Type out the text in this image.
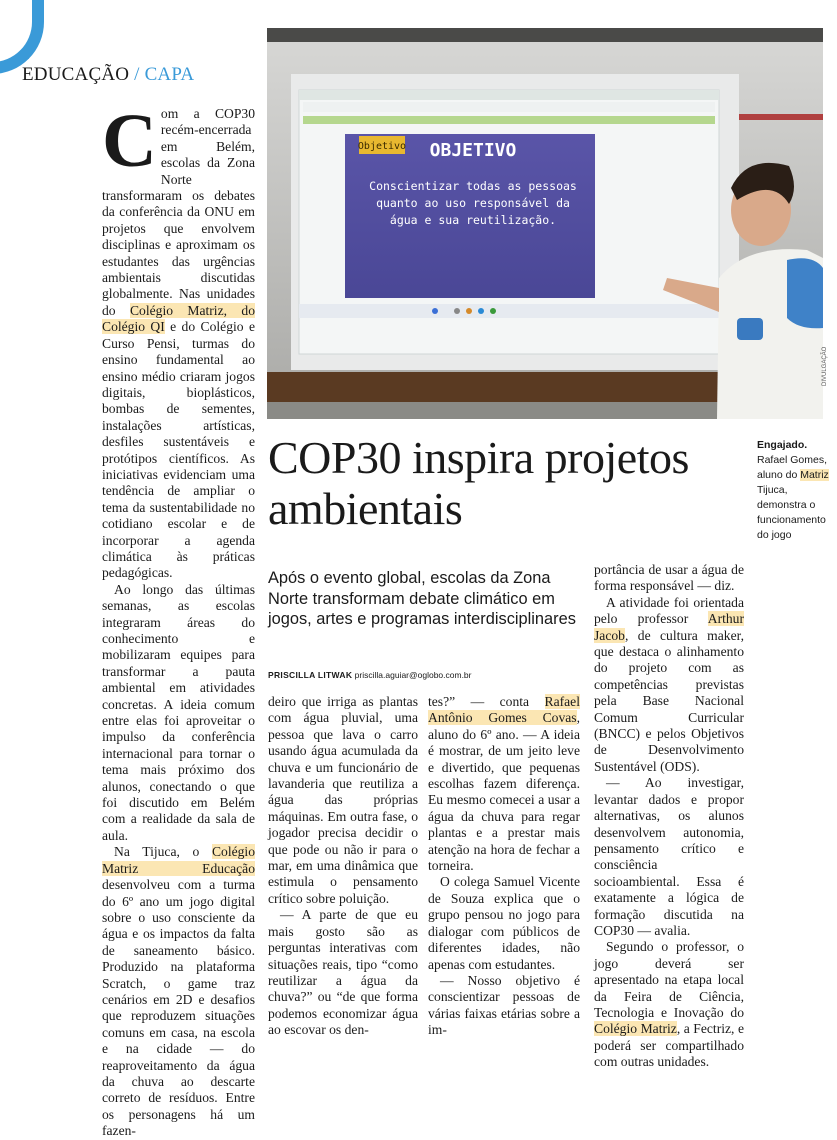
EDUCAÇÃO / CAPA
Objetivo OBJETIVO
Conscientizar todas as pessoas quanto ao uso responsável da água e sua reutilização.
DIVULGAÇÃO
Engajado.
Rafael Gomes, aluno do Matriz Tijuca, demonstra o funcionamento do jogo
COP30 inspira projetos ambientais
Após o evento global, escolas da Zona Norte transformam debate climático em jogos, artes e programas interdisciplinares
PRISCILLA LITWAK priscilla.aguiar@oglobo.com.br

Com a COP30 recém-encerrada em Belém, escolas da Zona Norte transformaram os debates da conferência da ONU em projetos que envolvem disciplinas e aproximam os estudantes das urgências ambientais discutidas globalmente. Nas unidades do Colégio Matriz, do Colégio QI e do Colégio e Curso Pensi, turmas do ensino fundamental ao ensino médio criaram jogos digitais, bioplásticos, bombas de sementes, instalações artísticas, desfiles sustentáveis e protótipos científicos. As iniciativas evidenciam uma tendência de ampliar o tema da sustentabilidade no cotidiano escolar e de incorporar a agenda climática às práticas pedagógicas.

Ao longo das últimas semanas, as escolas integraram áreas do conhecimento e mobilizaram equipes para transformar a pauta ambiental em atividades concretas. A ideia comum entre elas foi aproveitar o impulso da conferência internacional para tornar o tema mais próximo dos alunos, conectando o que foi discutido em Belém com a realidade da sala de aula.

Na Tijuca, o Colégio Matriz Educação desenvolveu com a turma do 6º ano um jogo digital sobre o uso consciente da água e os impactos da falta de saneamento básico. Produzido na plataforma Scratch, o game traz cenários em 2D e desafios que reproduzem situações comuns em casa, na escola e na cidade — do reaproveitamento da água da chuva ao descarte correto de resíduos. Entre os personagens há um fazen-

deiro que irriga as plantas com água pluvial, uma pessoa que lava o carro usando água acumulada da chuva e um funcionário de lavanderia que reutiliza a água das próprias máquinas. Em outra fase, o jogador precisa decidir o que pode ou não ir para o mar, em uma dinâmica que estimula o pensamento crítico sobre poluição.

— A parte de que eu mais gosto são as perguntas interativas com situações reais, tipo “como reutilizar a água da chuva?” ou “de que forma podemos economizar água ao escovar os den-

tes?” — conta Rafael Antônio Gomes Covas, aluno do 6º ano. — A ideia é mostrar, de um jeito leve e divertido, que pequenas escolhas fazem diferença. Eu mesmo comecei a usar a água da chuva para regar plantas e a prestar mais atenção na hora de fechar a torneira.

O colega Samuel Vicente de Souza explica que o grupo pensou no jogo para dialogar com públicos de diferentes idades, não apenas com estudantes.

— Nosso objetivo é conscientizar pessoas de várias faixas etárias sobre a im-

portância de usar a água de forma responsável — diz.

A atividade foi orientada pelo professor Arthur Jacob, de cultura maker, que destaca o alinhamento do projeto com as competências previstas pela Base Nacional Comum Curricular (BNCC) e pelos Objetivos de Desenvolvimento Sustentável (ODS).

— Ao investigar, levantar dados e propor alternativas, os alunos desenvolvem autonomia, pensamento crítico e consciência socioambiental. Essa é exatamente a lógica de formação discutida na COP30 — avalia.

Segundo o professor, o jogo deverá ser apresentado na etapa local da Feira de Ciência, Tecnologia e Inovação do Colégio Matriz, a Fectriz, e poderá ser compartilhado com outras unidades.
